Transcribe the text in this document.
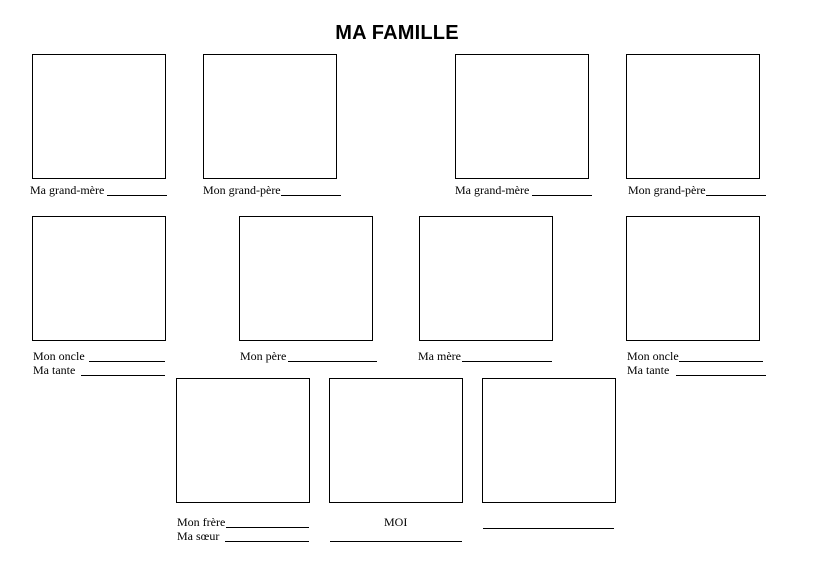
MA FAMILLE
Ma grand-mère	Mon grand-père	Ma grand-mère	Mon grand-père
Mon oncle
Ma tante
Mon père	Ma mère	Mon oncle
Ma tante
Mon frère
Ma sœur
MOI
